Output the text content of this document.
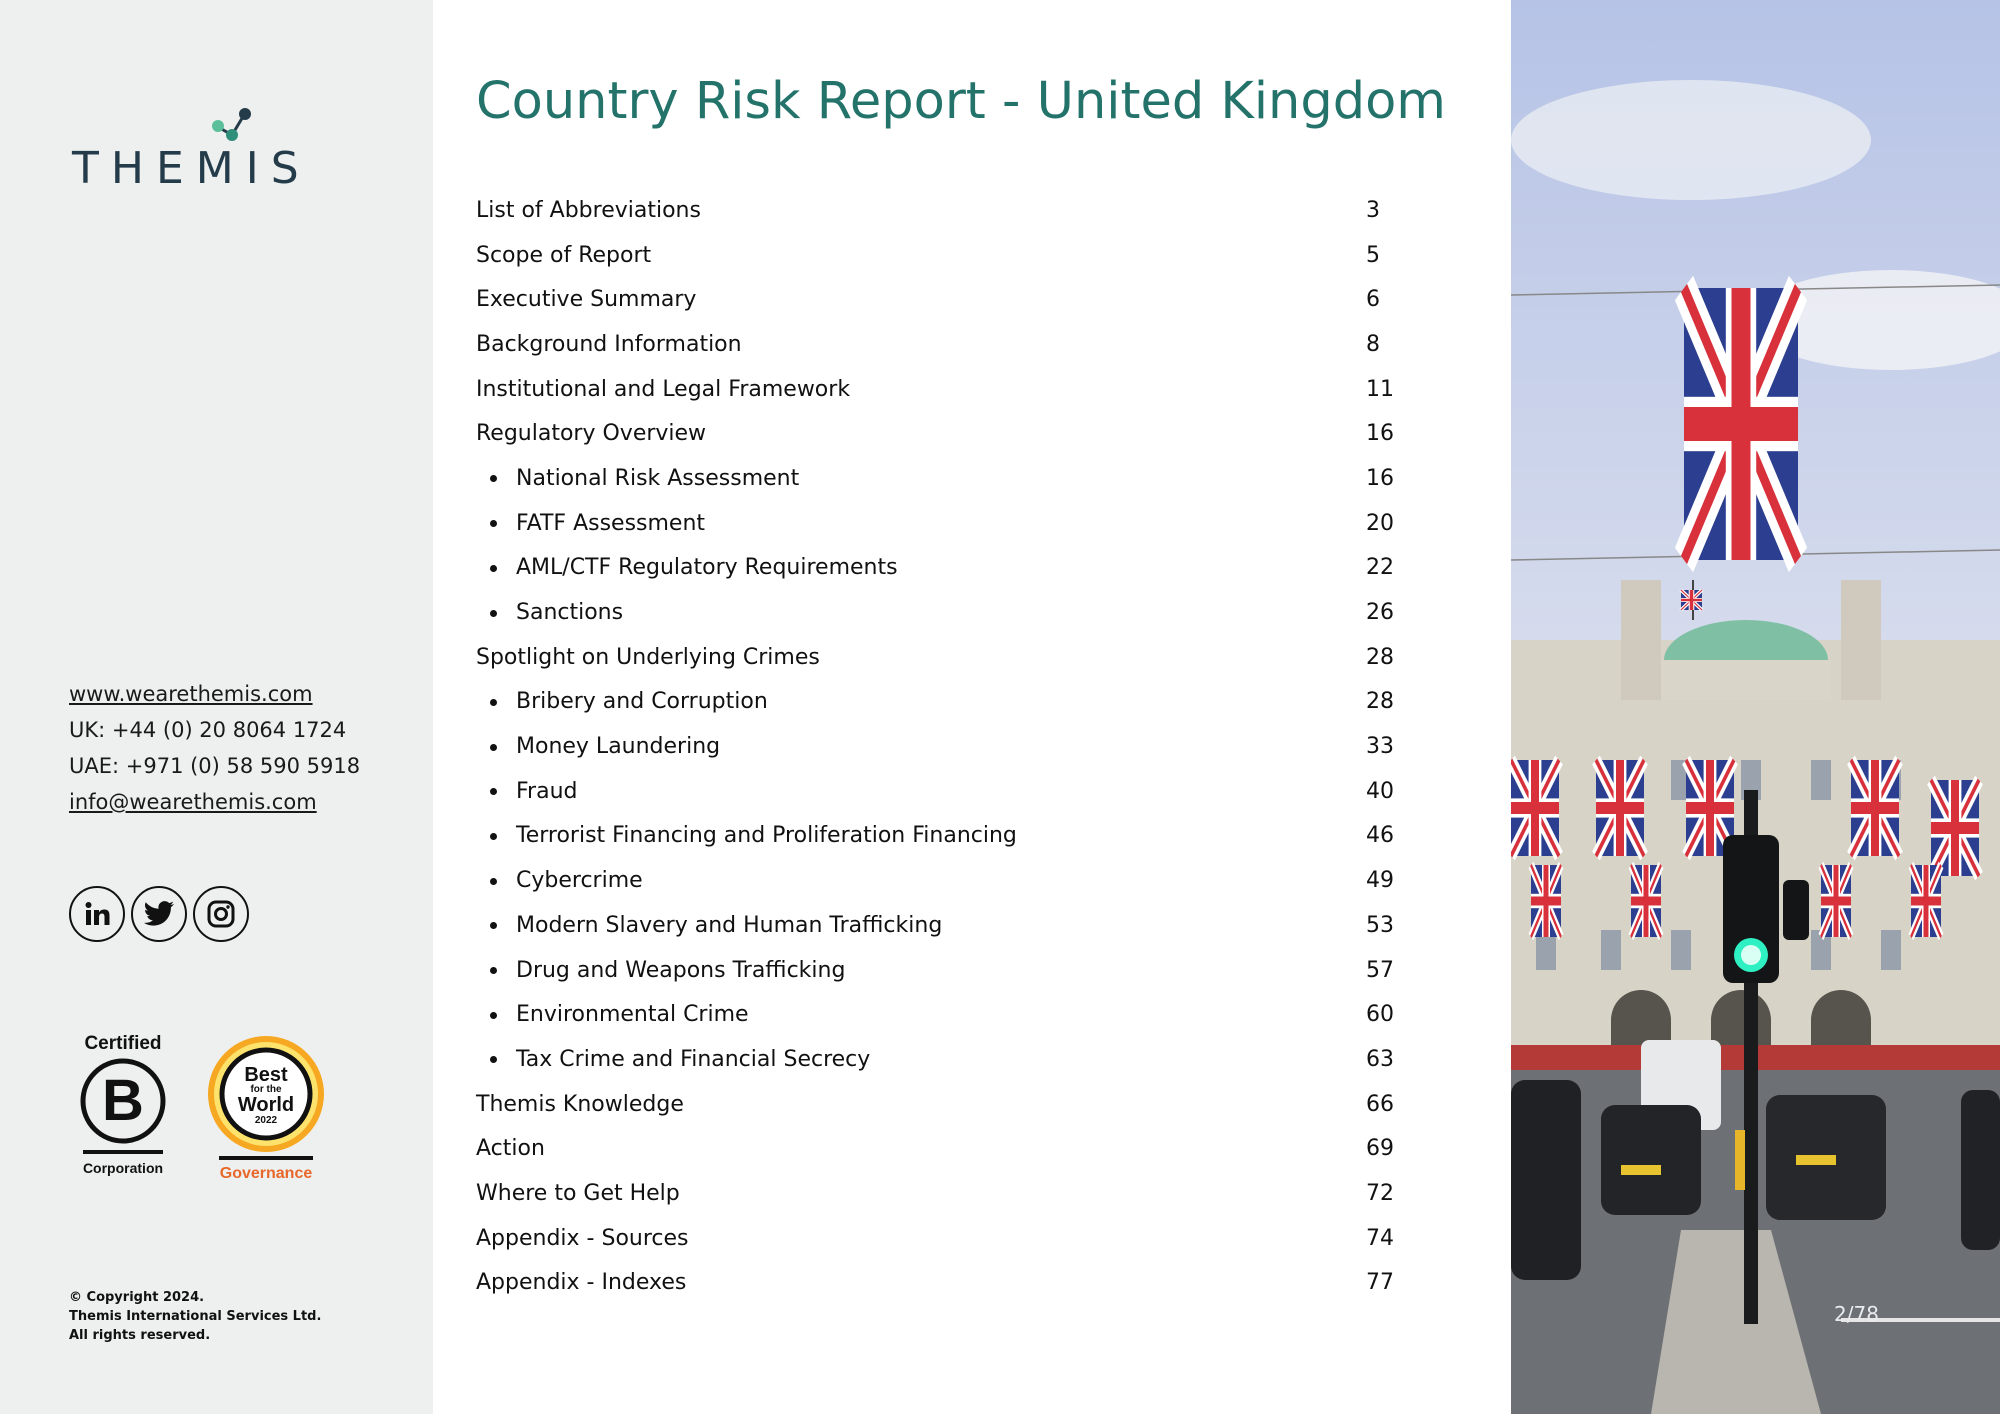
THEMIS
www.wearethemis.com
UK: +44 (0) 20 8064 1724
UAE: +971 (0) 58 590 5918
info@wearethemis.com
Certified
B
Corporation
Best
for the
World
2022
Governance
© Copyright 2024.
Themis International Services Ltd.
All rights reserved.
Country Risk Report - United Kingdom
List of Abbreviations	3
Scope of Report	5
Executive Summary	6
Background Information	8
Institutional and Legal Framework	11
Regulatory Overview	16
National Risk Assessment	16
FATF Assessment	20
AML/CTF Regulatory Requirements	22
Sanctions	26
Spotlight on Underlying Crimes	28
Bribery and Corruption	28
Money Laundering	33
Fraud	40
Terrorist Financing and Proliferation Financing	46
Cybercrime	49
Modern Slavery and Human Trafficking	53
Drug and Weapons Trafficking	57
Environmental Crime	60
Tax Crime and Financial Secrecy	63
Themis Knowledge	66
Action	69
Where to Get Help	72
Appendix - Sources	74
Appendix - Indexes	77
2/78
